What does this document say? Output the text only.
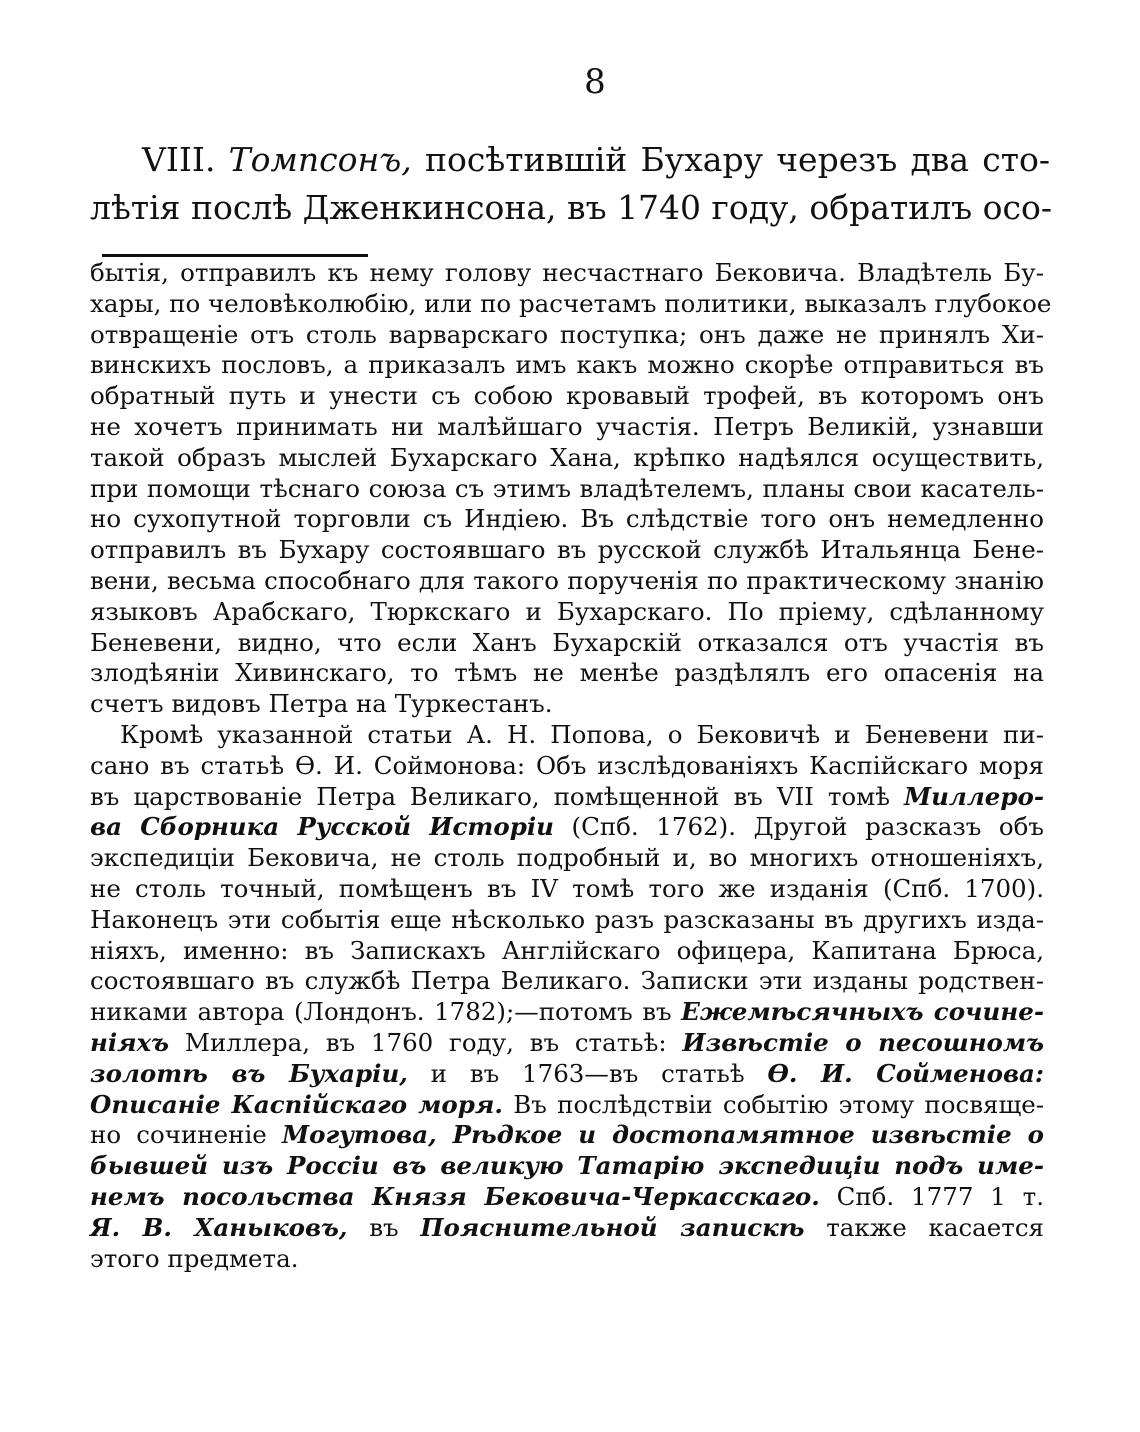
8
VIII. Томпсонъ, посѣтившій Бухару черезъ два сто-
лѣтія послѣ Дженкинсона, въ 1740 году, обратилъ осо-
бытія, отправилъ къ нему голову несчастнаго Бековича. Владѣтель Бу-
хары, по человѣколюбію, или по расчетамъ политики, выказалъ глубокое
отвращеніе отъ столь варварскаго поступка; онъ даже не принялъ Хи-
винскихъ пословъ, а приказалъ имъ какъ можно скорѣе отправиться въ
обратный путь и унести съ собою кровавый трофей, въ которомъ онъ
не хочетъ принимать ни малѣйшаго участія. Петръ Великій, узнавши
такой образъ мыслей Бухарскаго Хана, крѣпко надѣялся осуществить,
при помощи тѣснаго союза съ этимъ владѣтелемъ, планы свои касатель-
но сухопутной торговли съ Индіею. Въ слѣдствіе того онъ немедленно
отправилъ въ Бухару состоявшаго въ русской службѣ Итальянца Бене-
вени, весьма способнаго для такого порученія по практическому знанію
языковъ Арабскаго, Тюркскаго и Бухарскаго. По пріему, сдѣланному
Беневени, видно, что если Ханъ Бухарскій отказался отъ участія въ
злодѣяніи Хивинскаго, то тѣмъ не менѣе раздѣлялъ его опасенія на
счетъ видовъ Петра на Туркестанъ.
Кромѣ указанной статьи А. Н. Попова, о Бековичѣ и Беневени пи-
сано въ статьѣ Ѳ. И. Соймонова: Объ изслѣдованіяхъ Каспійскаго моря
въ царствованіе Петра Великаго, помѣщенной въ VII томѣ Миллеро-
ва Сборника Русской Исторіи (Спб. 1762). Другой разсказъ объ
экспедиціи Бековича, не столь подробный и, во многихъ отношеніяхъ,
не столь точный, помѣщенъ въ IV томѣ того же изданія (Спб. 1700).
Наконецъ эти событія еще нѣсколько разъ разсказаны въ другихъ изда-
ніяхъ, именно: въ Запискахъ Англійскаго офицера, Капитана Брюса,
состоявшаго въ службѣ Петра Великаго. Записки эти изданы родствен-
никами автора (Лондонъ. 1782);—потомъ въ Ежемѣсячныхъ сочине-
ніяхъ Миллера, въ 1760 году, въ статьѣ: Извѣстіе о песошномъ
золотѣ въ Бухаріи, и въ 1763—въ статьѣ Ѳ. И. Сойменова:
Описаніе Каспійскаго моря. Въ послѣдствіи событію этому посвяще-
но сочиненіе Могутова, Рѣдкое и достопамятное извѣстіе о
бывшей изъ Россіи въ великую Татарію экспедиціи подъ име-
немъ посольства Князя Бековича-Черкасскаго. Спб. 1777 1 т.
Я. В. Ханыковъ, въ Пояснительной запискѣ также касается
этого предмета.
